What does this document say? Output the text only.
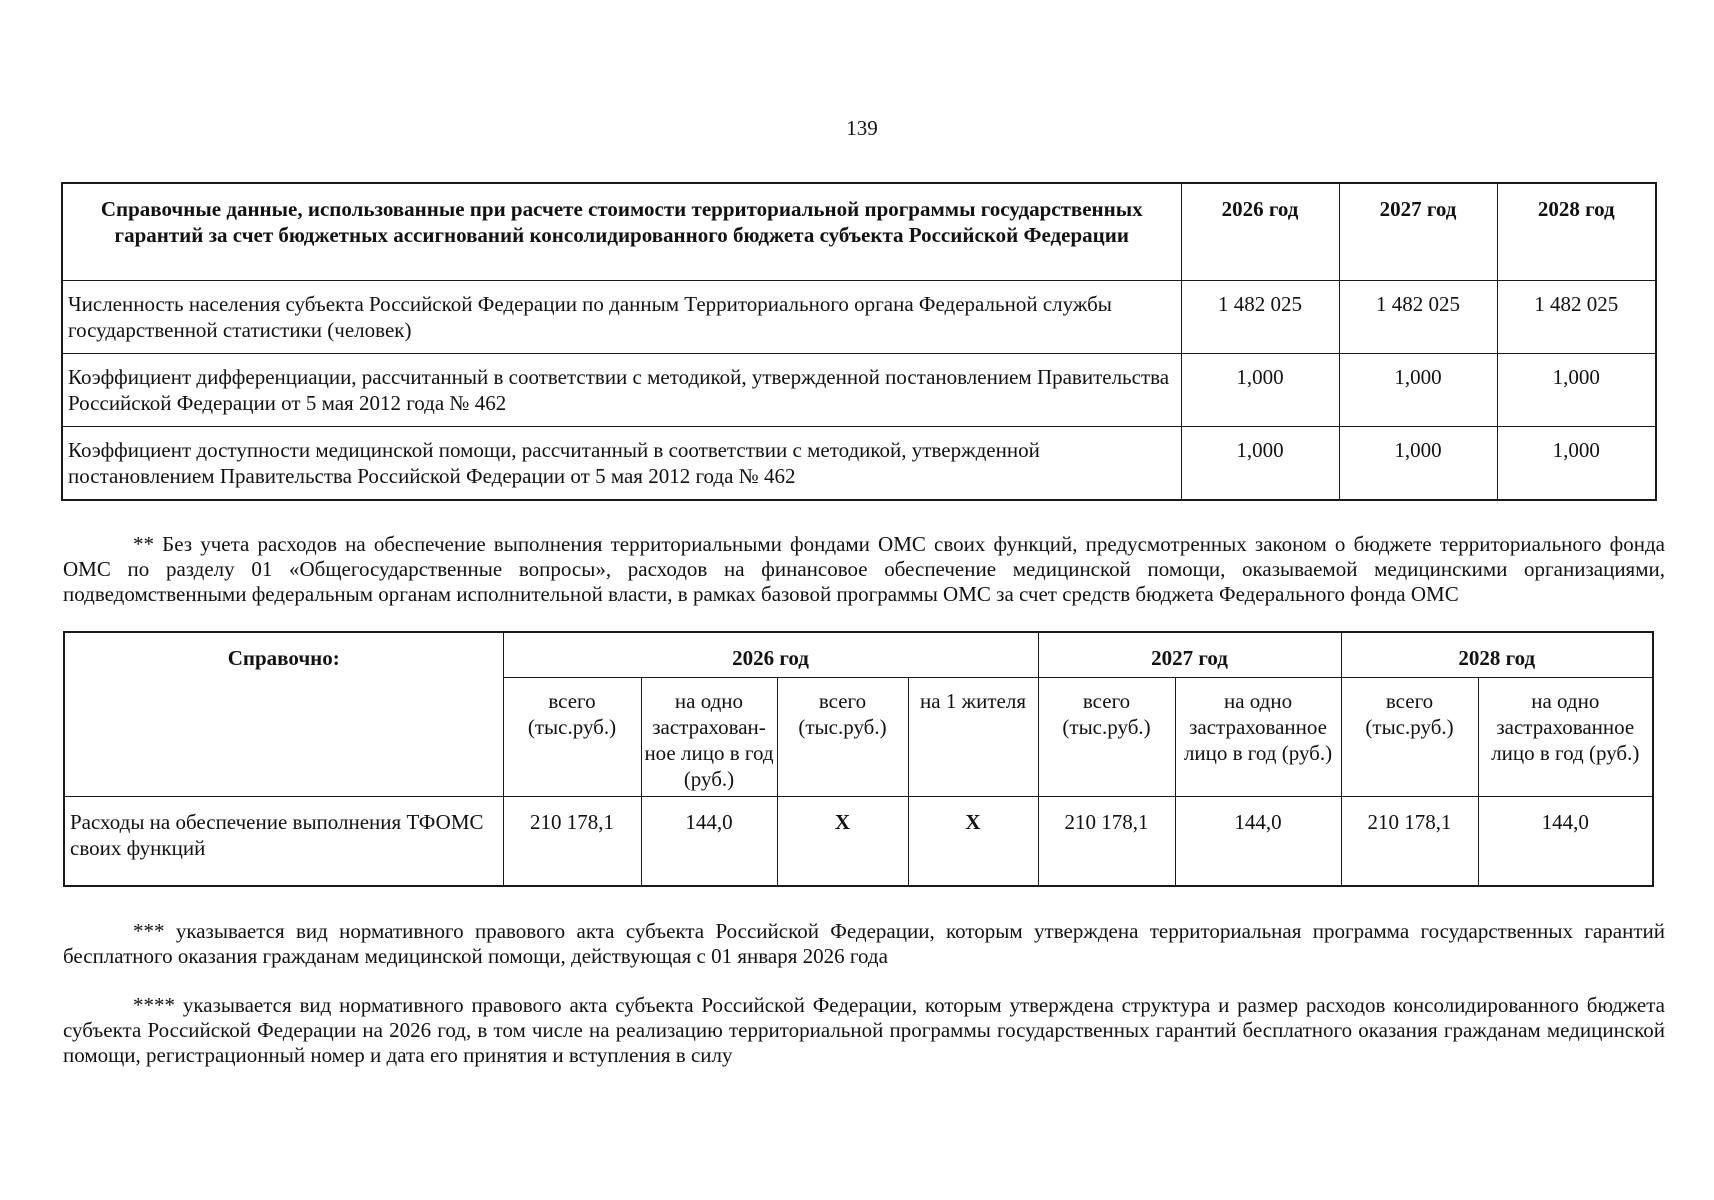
139
Справочные данные, использованные при расчете стоимости территориальной программы государственных гарантий за счет бюджетных ассигнований консолидированного бюджета субъекта Российской Федерации	2026 год	2027 год	2028 год
Численность населения субъекта Российской Федерации по данным Территориального органа Федеральной службы государственной статистики (человек)	1 482 025	1 482 025	1 482 025
Коэффициент дифференциации, рассчитанный в соответствии с методикой, утвержденной постановлением Правительства Российской Федерации от 5 мая 2012 года № 462	1,000	1,000	1,000
Коэффициент доступности медицинской помощи, рассчитанный в соответствии с методикой, утвержденной постановлением Правительства Российской Федерации от 5 мая 2012 года № 462	1,000	1,000	1,000

** Без учета расходов на обеспечение выполнения территориальными фондами ОМС своих функций, предусмотренных законом о бюджете территориального фонда ОМС по разделу 01 «Общегосударственные вопросы», расходов на финансовое обеспечение медицинской помощи, оказываемой медицинскими организациями, подведомственными федеральным органам исполнительной власти, в рамках базовой программы ОМС за счет средств бюджета Федерального фонда ОМС

Справочно:	2026 год				2027 год		2028 год	
	всего (тыс.руб.)	на одно застрахован-ное лицо в год (руб.)	всего (тыс.руб.)	на 1 жителя	всего (тыс.руб.)	на одно застрахованное лицо в год (руб.)	всего (тыс.руб.)	на одно застрахованное лицо в год (руб.)
Расходы на обеспечение выполнения ТФОМС своих функций	210 178,1	144,0	X	X	210 178,1	144,0	210 178,1	144,0

*** указывается вид нормативного правового акта субъекта Российской Федерации, которым утверждена территориальная программа государственных гарантий бесплатного оказания гражданам медицинской помощи, действующая с 01 января 2026 года

**** указывается вид нормативного правового акта субъекта Российской Федерации, которым утверждена структура и размер расходов консолидированного бюджета субъекта Российской Федерации на 2026 год, в том числе на реализацию территориальной программы государственных гарантий бесплатного оказания гражданам медицинской помощи, регистрационный номер и дата его принятия и вступления в силу
